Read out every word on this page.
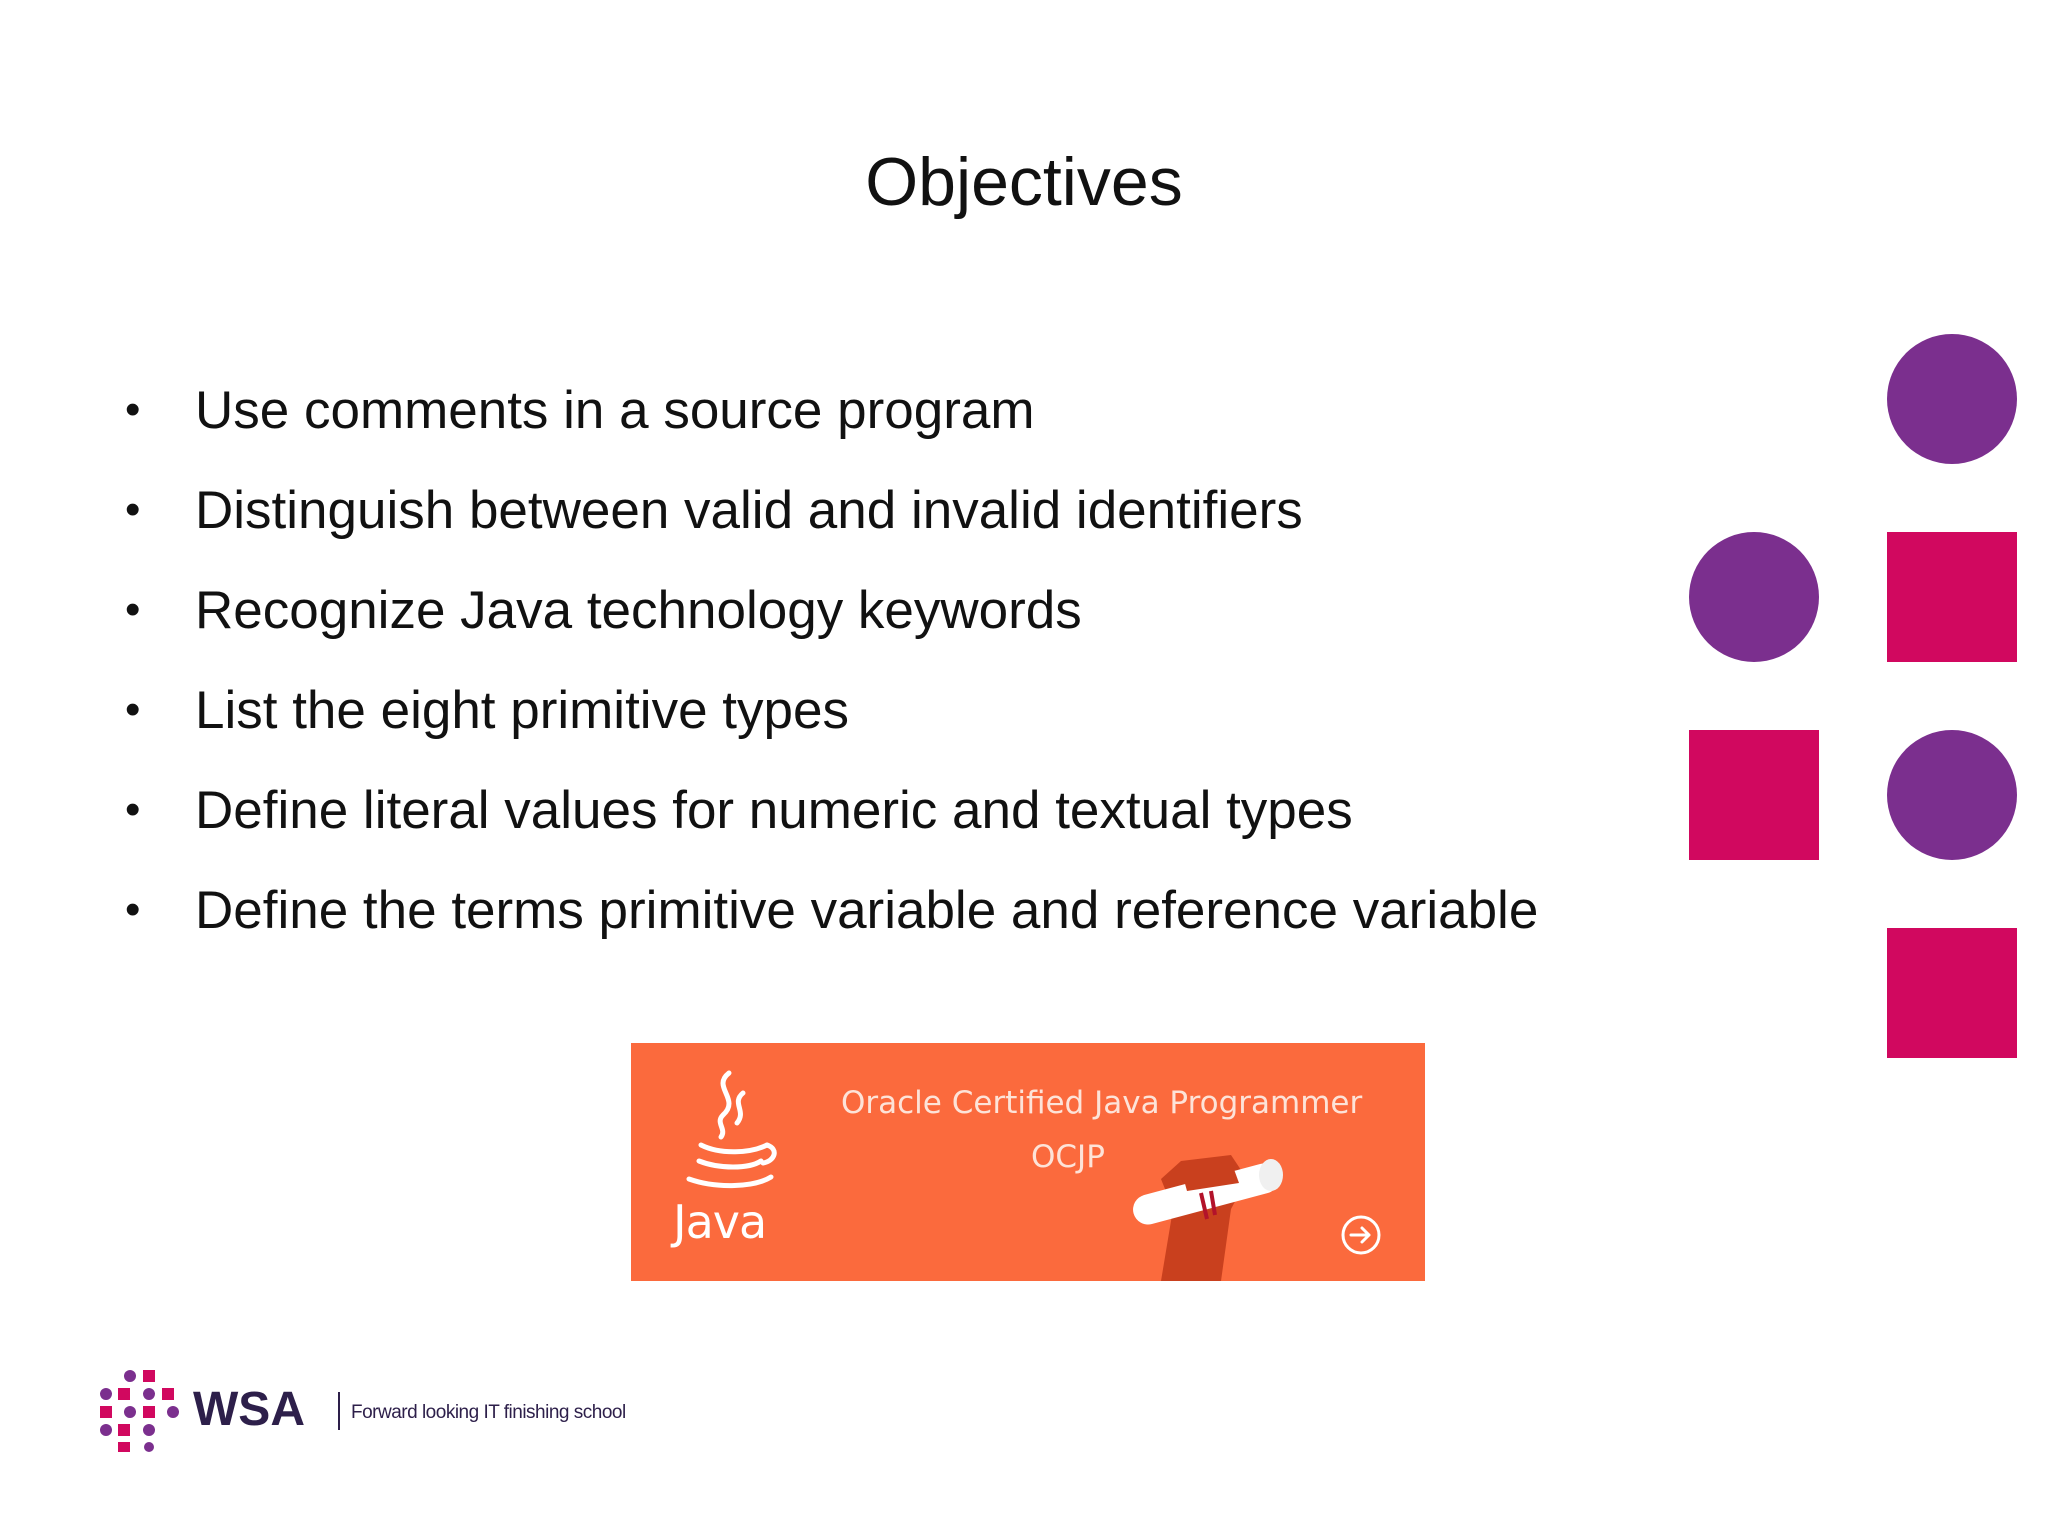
Objectives
•	Use comments in a source program
•	Distinguish between valid and invalid identifiers
•	Recognize Java technology keywords
•	List the eight primitive types
•	Define literal values for numeric and textual types
•	Define the terms primitive variable and reference variable
Java
Oracle Certified Java Programmer
OCJP
WSA Forward looking IT finishing school
